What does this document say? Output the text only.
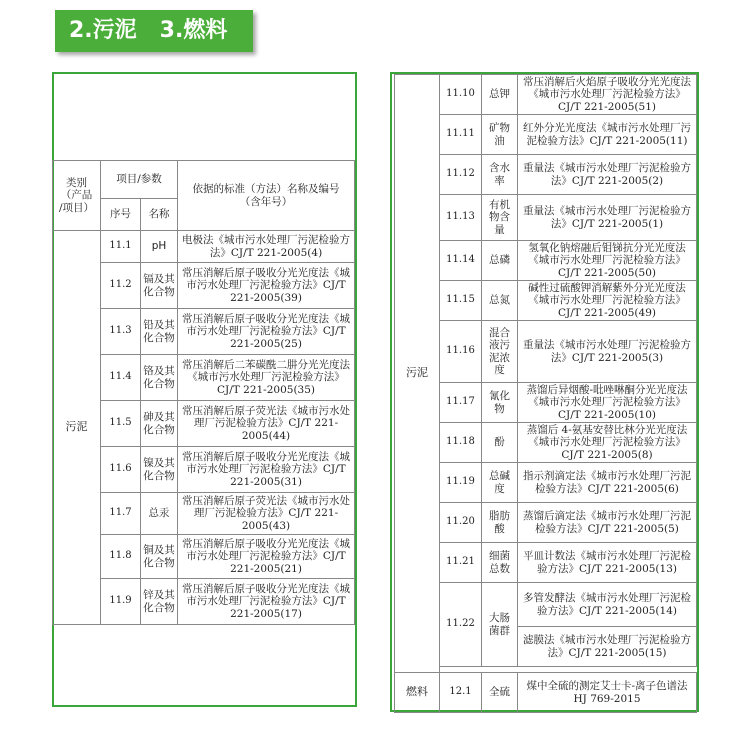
2.污泥 3.燃料
类别
（产品
/项目）	项目/参数		依据的标准（方法）名称及编号
（含年号）
	序号	名称	
污泥	11.1	pH	电极法《城市污水处理厂污泥检验方法》CJ/T 221-2005(4)
	11.2	镉及其化合物	常压消解后原子吸收分光光度法《城市污水处理厂污泥检验方法》CJ/T 221-2005(39)
	11.3	铅及其化合物	常压消解后原子吸收分光光度法《城市污水处理厂污泥检验方法》CJ/T 221-2005(25)
	11.4	铬及其化合物	常压消解后二苯碳酰二肼分光光度法《城市污水处理厂污泥检验方法》CJ/T 221-2005(35)
	11.5	砷及其化合物	常压消解后原子荧光法《城市污水处理厂污泥检验方法》CJ/T 221-2005(44)
	11.6	镍及其化合物	常压消解后原子吸收分光光度法《城市污水处理厂污泥检验方法》CJ/T 221-2005(31)
	11.7	总汞	常压消解后原子荧光法《城市污水处理厂污泥检验方法》CJ/T 221-2005(43)
	11.8	铜及其化合物	常压消解后原子吸收分光光度法《城市污水处理厂污泥检验方法》CJ/T 221-2005(21)
	11.9	锌及其化合物	常压消解后原子吸收分光光度法《城市污水处理厂污泥检验方法》CJ/T 221-2005(17)
污泥	11.10	总钾	常压消解后火焰原子吸收分光光度法《城市污水处理厂污泥检验方法》CJ/T 221-2005(51)
	11.11	矿物油	红外分光光度法《城市污水处理厂污泥检验方法》CJ/T 221-2005(11)
	11.12	含水率	重量法《城市污水处理厂污泥检验方法》CJ/T 221-2005(2)
	11.13	有机物含量	重量法《城市污水处理厂污泥检验方法》CJ/T 221-2005(1)
	11.14	总磷	氢氧化钠熔融后钼锑抗分光光度法《城市污水处理厂污泥检验方法》CJ/T 221-2005(50)
	11.15	总氮	碱性过硫酸钾消解紫外分光光度法《城市污水处理厂污泥检验方法》CJ/T 221-2005(49)
	11.16	混合液污泥浓度	重量法《城市污水处理厂污泥检验方法》CJ/T 221-2005(3)
	11.17	氰化物	蒸馏后异烟酸-吡唑啉酮分光光度法《城市污水处理厂污泥检验方法》CJ/T 221-2005(10)
	11.18	酚	蒸馏后 4-氨基安替比林分光光度法《城市污水处理厂污泥检验方法》CJ/T 221-2005(8)
	11.19	总碱度	指示剂滴定法《城市污水处理厂污泥检验方法》CJ/T 221-2005(6)
	11.20	脂肪酸	蒸馏后滴定法《城市污水处理厂污泥检验方法》CJ/T 221-2005(5)
	11.21	细菌总数	平皿计数法《城市污水处理厂污泥检验方法》CJ/T 221-2005(13)
	11.22	大肠菌群	多管发酵法《城市污水处理厂污泥检验方法》CJ/T 221-2005(14)
			滤膜法《城市污水处理厂污泥检验方法》CJ/T 221-2005(15)

燃料	12.1	全硫	煤中全硫的测定艾士卡-离子色谱法 HJ 769-2015
